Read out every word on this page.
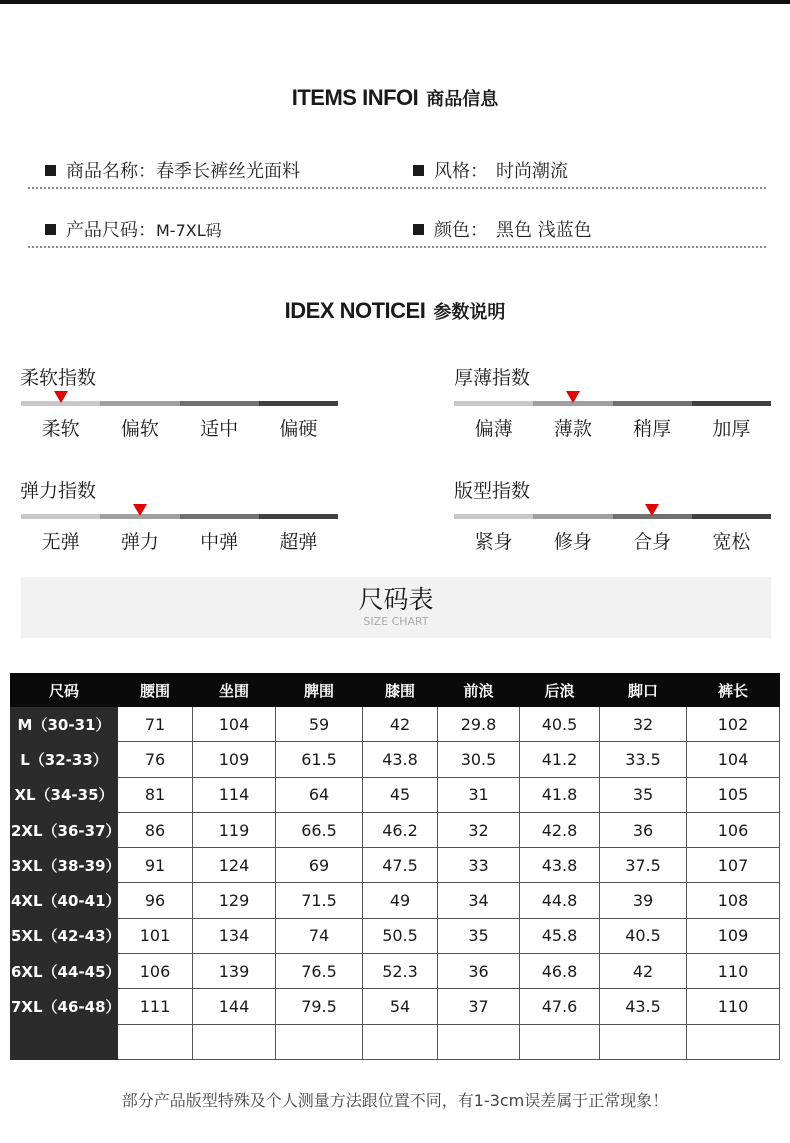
ITEMS INFOI 商品信息
商品名称：春季长裤丝光面料	风格： 时尚潮流
产品尺码：M-7XL码	颜色： 黑色 浅蓝色
IDEX NOTICEI 参数说明
柔软指数
柔软	偏软	适中	偏硬
厚薄指数
偏薄	薄款	稍厚	加厚
弹力指数
无弹	弹力	中弹	超弹
版型指数
紧身	修身	合身	宽松
尺码表
SIZE CHART
尺码	腰围	坐围	脾围	膝围	前浪	后浪	脚口	裤长
M（30-31）	71	104	59	42	29.8	40.5	32	102
L（32-33）	76	109	61.5	43.8	30.5	41.2	33.5	104
XL（34-35）	81	114	64	45	31	41.8	35	105
2XL（36-37）	86	119	66.5	46.2	32	42.8	36	106
3XL（38-39）	91	124	69	47.5	33	43.8	37.5	107
4XL（40-41）	96	129	71.5	49	34	44.8	39	108
5XL（42-43）	101	134	74	50.5	35	45.8	40.5	109
6XL（44-45）	106	139	76.5	52.3	36	46.8	42	110
7XL（46-48）	111	144	79.5	54	37	47.6	43.5	110

部分产品版型特殊及个人测量方法跟位置不同，有1-3cm误差属于正常现象！
